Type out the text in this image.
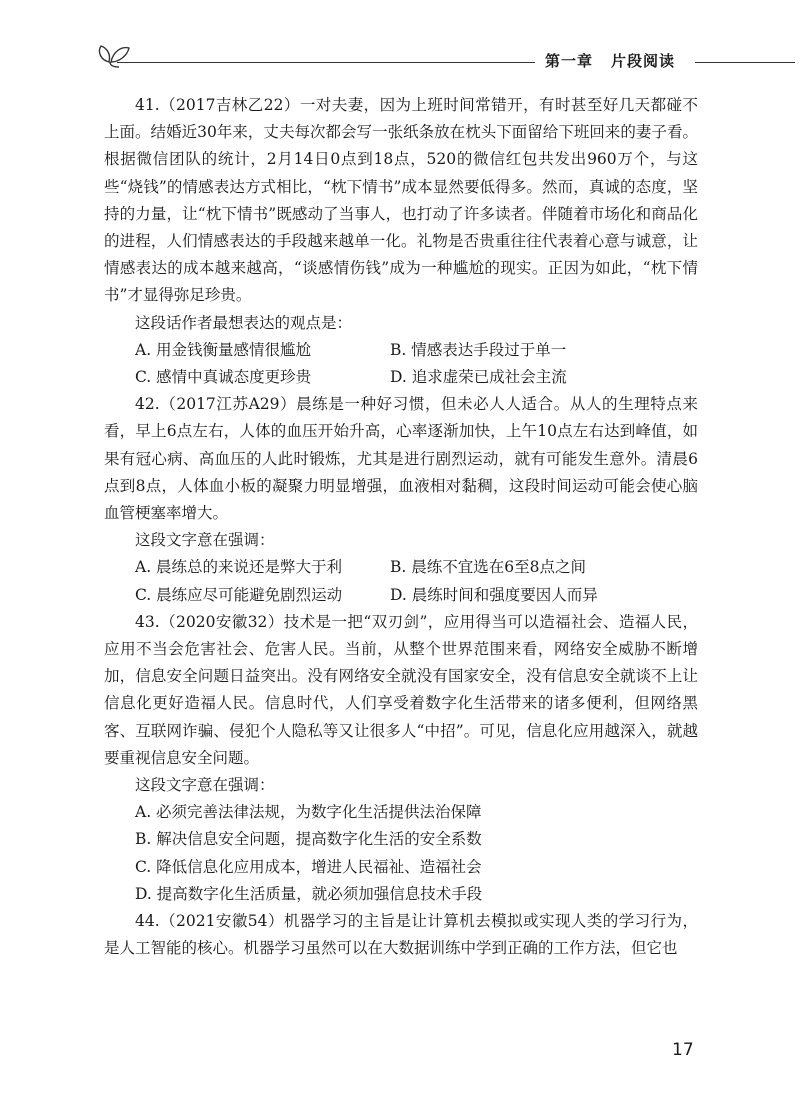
第一章 片段阅读

41.（2017吉林乙22）一对夫妻，因为上班时间常错开，有时甚至好几天都碰不上面。结婚近30年来，丈夫每次都会写一张纸条放在枕头下面留给下班回来的妻子看。根据微信团队的统计，2月14日0点到18点，520的微信红包共发出960万个，与这些“烧钱”的情感表达方式相比，“枕下情书”成本显然要低得多。然而，真诚的态度，坚持的力量，让“枕下情书”既感动了当事人，也打动了许多读者。伴随着市场化和商品化的进程，人们情感表达的手段越来越单一化。礼物是否贵重往往代表着心意与诚意，让情感表达的成本越来越高，“谈感情伤钱”成为一种尴尬的现实。正因为如此，“枕下情书”才显得弥足珍贵。

这段话作者最想表达的观点是：

A. 用金钱衡量感情很尴尬	B. 情感表达手段过于单一
C. 感情中真诚态度更珍贵	D. 追求虚荣已成社会主流

42.（2017江苏A29）晨练是一种好习惯，但未必人人适合。从人的生理特点来看，早上6点左右，人体的血压开始升高，心率逐渐加快，上午10点左右达到峰值，如果有冠心病、高血压的人此时锻炼，尤其是进行剧烈运动，就有可能发生意外。清晨6点到8点，人体血小板的凝聚力明显增强，血液相对黏稠，这段时间运动可能会使心脑血管梗塞率增大。

这段文字意在强调：

A. 晨练总的来说还是弊大于利	B. 晨练不宜选在6至8点之间
C. 晨练应尽可能避免剧烈运动	D. 晨练时间和强度要因人而异

43.（2020安徽32）技术是一把“双刃剑”，应用得当可以造福社会、造福人民，应用不当会危害社会、危害人民。当前，从整个世界范围来看，网络安全威胁不断增加，信息安全问题日益突出。没有网络安全就没有国家安全，没有信息安全就谈不上让信息化更好造福人民。信息时代，人们享受着数字化生活带来的诸多便利，但网络黑客、互联网诈骗、侵犯个人隐私等又让很多人“中招”。可见，信息化应用越深入，就越要重视信息安全问题。

这段文字意在强调：

A. 必须完善法律法规，为数字化生活提供法治保障

B. 解决信息安全问题，提高数字化生活的安全系数

C. 降低信息化应用成本，增进人民福祉、造福社会

D. 提高数字化生活质量，就必须加强信息技术手段

44.（2021安徽54）机器学习的主旨是让计算机去模拟或实现人类的学习行为，是人工智能的核心。机器学习虽然可以在大数据训练中学到正确的工作方法，但它也

17
